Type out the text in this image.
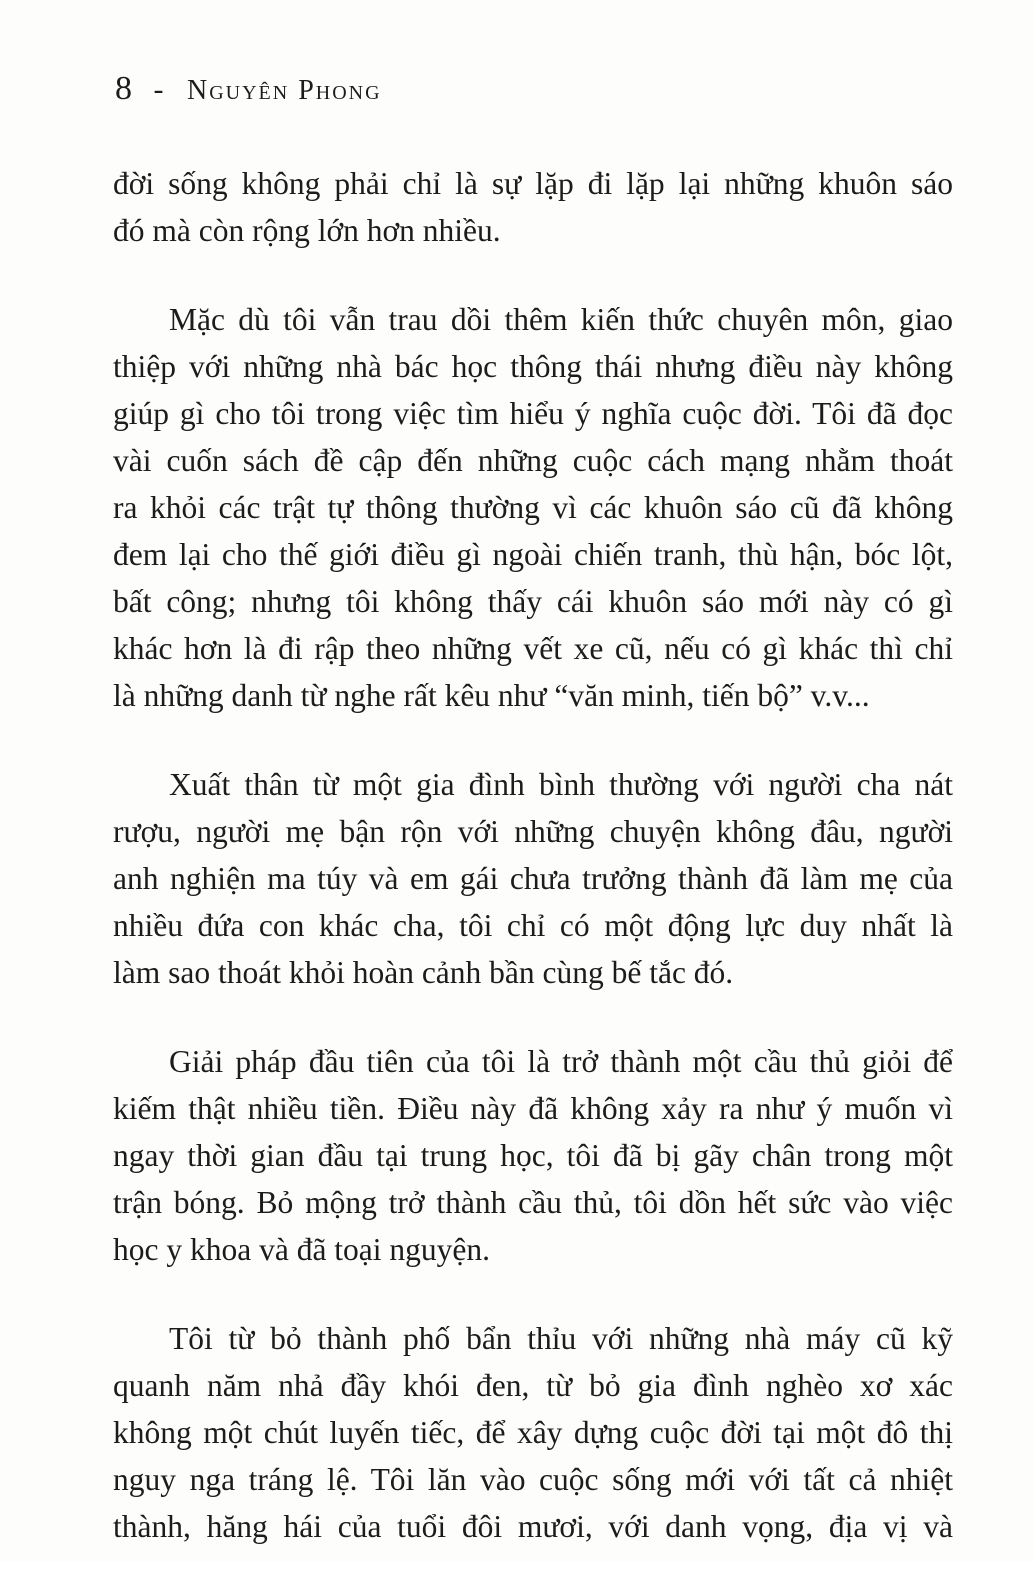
8 - Nguyên Phong
đời sống không phải chỉ là sự lặp đi lặp lại những khuôn sáo
đó mà còn rộng lớn hơn nhiều.
Mặc dù tôi vẫn trau dồi thêm kiến thức chuyên môn, giao
thiệp với những nhà bác học thông thái nhưng điều này không
giúp gì cho tôi trong việc tìm hiểu ý nghĩa cuộc đời. Tôi đã đọc
vài cuốn sách đề cập đến những cuộc cách mạng nhằm thoát
ra khỏi các trật tự thông thường vì các khuôn sáo cũ đã không
đem lại cho thế giới điều gì ngoài chiến tranh, thù hận, bóc lột,
bất công; nhưng tôi không thấy cái khuôn sáo mới này có gì
khác hơn là đi rập theo những vết xe cũ, nếu có gì khác thì chỉ
là những danh từ nghe rất kêu như “văn minh, tiến bộ” v.v...
Xuất thân từ một gia đình bình thường với người cha nát
rượu, người mẹ bận rộn với những chuyện không đâu, người
anh nghiện ma túy và em gái chưa trưởng thành đã làm mẹ của
nhiều đứa con khác cha, tôi chỉ có một động lực duy nhất là
làm sao thoát khỏi hoàn cảnh bần cùng bế tắc đó.
Giải pháp đầu tiên của tôi là trở thành một cầu thủ giỏi để
kiếm thật nhiều tiền. Điều này đã không xảy ra như ý muốn vì
ngay thời gian đầu tại trung học, tôi đã bị gãy chân trong một
trận bóng. Bỏ mộng trở thành cầu thủ, tôi dồn hết sức vào việc
học y khoa và đã toại nguyện.
Tôi từ bỏ thành phố bẩn thỉu với những nhà máy cũ kỹ
quanh năm nhả đầy khói đen, từ bỏ gia đình nghèo xơ xác
không một chút luyến tiếc, để xây dựng cuộc đời tại một đô thị
nguy nga tráng lệ. Tôi lăn vào cuộc sống mới với tất cả nhiệt
thành, hăng hái của tuổi đôi mươi, với danh vọng, địa vị và
